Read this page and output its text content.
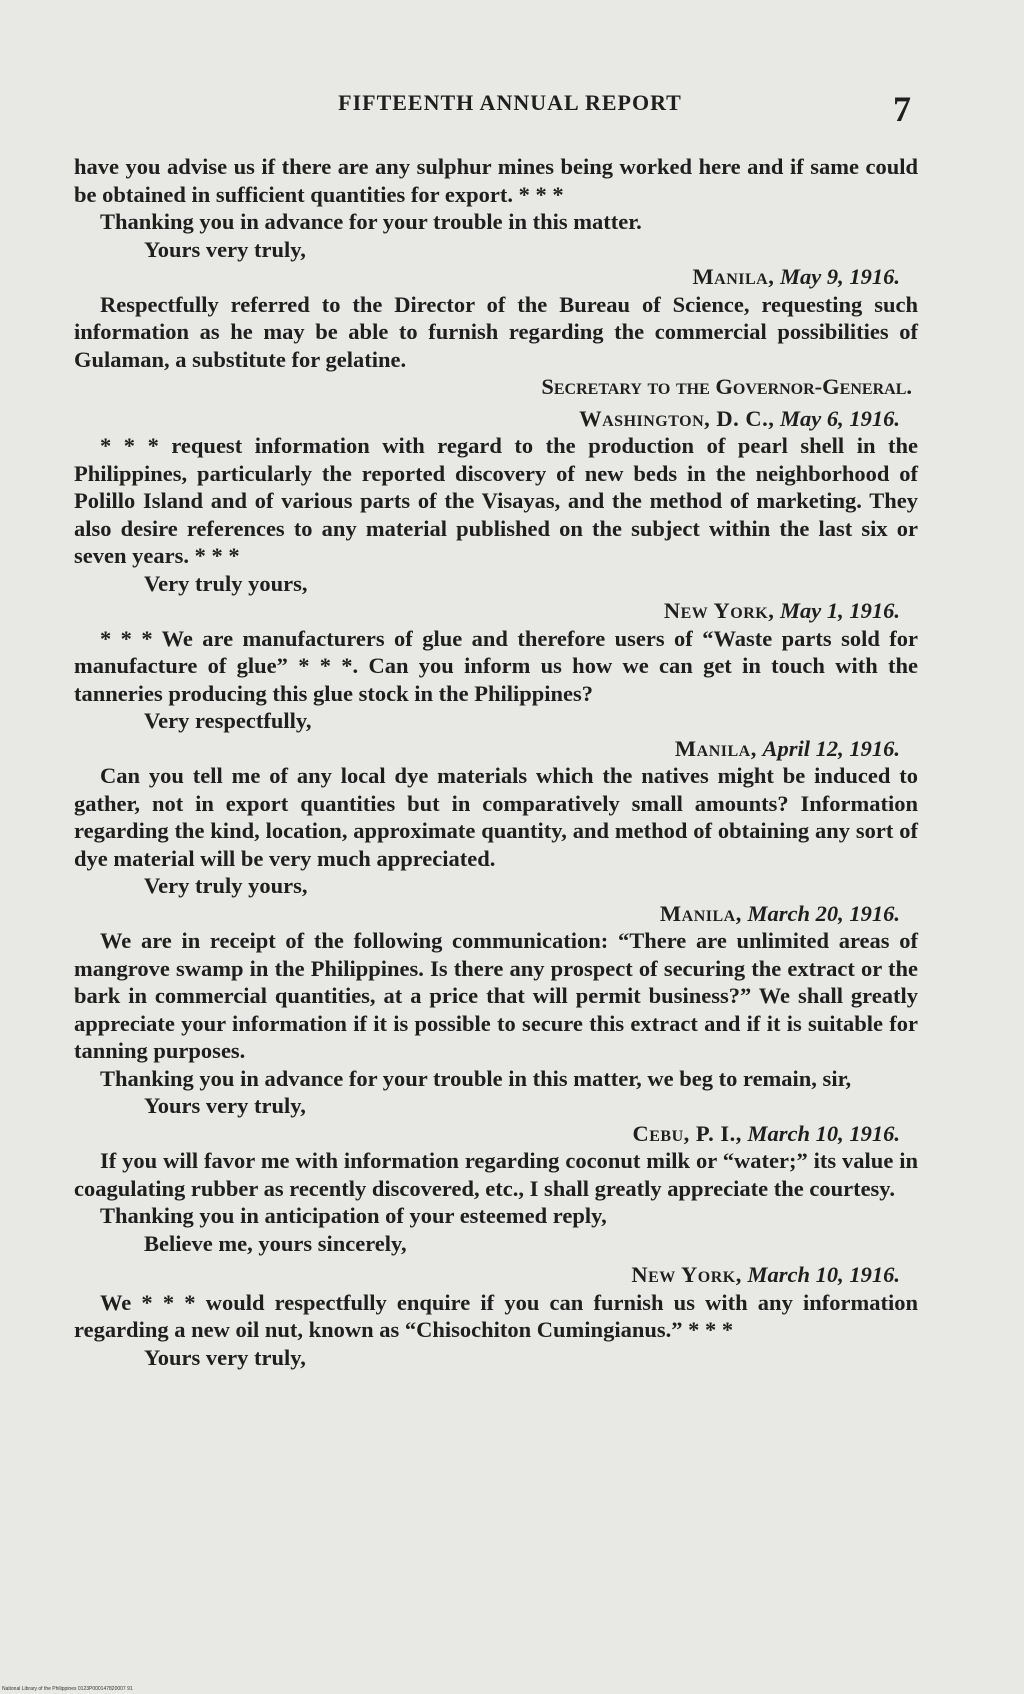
FIFTEENTH ANNUAL REPORT	7

have you advise us if there are any sulphur mines being worked here and if same could be obtained in sufficient quantities for export. * * *

Thanking you in advance for your trouble in this matter.

Yours very truly,

Manila, May 9, 1916.

Respectfully referred to the Director of the Bureau of Science, requesting such information as he may be able to furnish regarding the commercial possibilities of Gulaman, a substitute for gelatine.

Secretary to the Governor-General.

Washington, D. C., May 6, 1916.

* * * request information with regard to the production of pearl shell in the Philippines, particularly the reported discovery of new beds in the neighborhood of Polillo Island and of various parts of the Visayas, and the method of marketing. They also desire references to any material published on the subject within the last six or seven years. * * *

Very truly yours,

New York, May 1, 1916.

* * * We are manufacturers of glue and therefore users of “Waste parts sold for manufacture of glue” * * *. Can you inform us how we can get in touch with the tanneries producing this glue stock in the Philippines?

Very respectfully,

Manila, April 12, 1916.

Can you tell me of any local dye materials which the natives might be induced to gather, not in export quantities but in comparatively small amounts? Information regarding the kind, location, approximate quantity, and method of obtaining any sort of dye material will be very much appreciated.

Very truly yours,

Manila, March 20, 1916.

We are in receipt of the following communication: “There are unlimited areas of mangrove swamp in the Philippines. Is there any prospect of securing the extract or the bark in commercial quantities, at a price that will permit business?” We shall greatly appreciate your information if it is possible to secure this extract and if it is suitable for tanning purposes.

Thanking you in advance for your trouble in this matter, we beg to remain, sir,

Yours very truly,

Cebu, P. I., March 10, 1916.

If you will favor me with information regarding coconut milk or “water;” its value in coagulating rubber as recently discovered, etc., I shall greatly appreciate the courtesy.

Thanking you in anticipation of your esteemed reply,

Believe me, yours sincerely,

New York, March 10, 1916.

We * * * would respectfully enquire if you can furnish us with any information regarding a new oil nut, known as “Chisochiton Cumingianus.” * * *

Yours very truly,

National Library of the Philippines 0123P000147820007 91
